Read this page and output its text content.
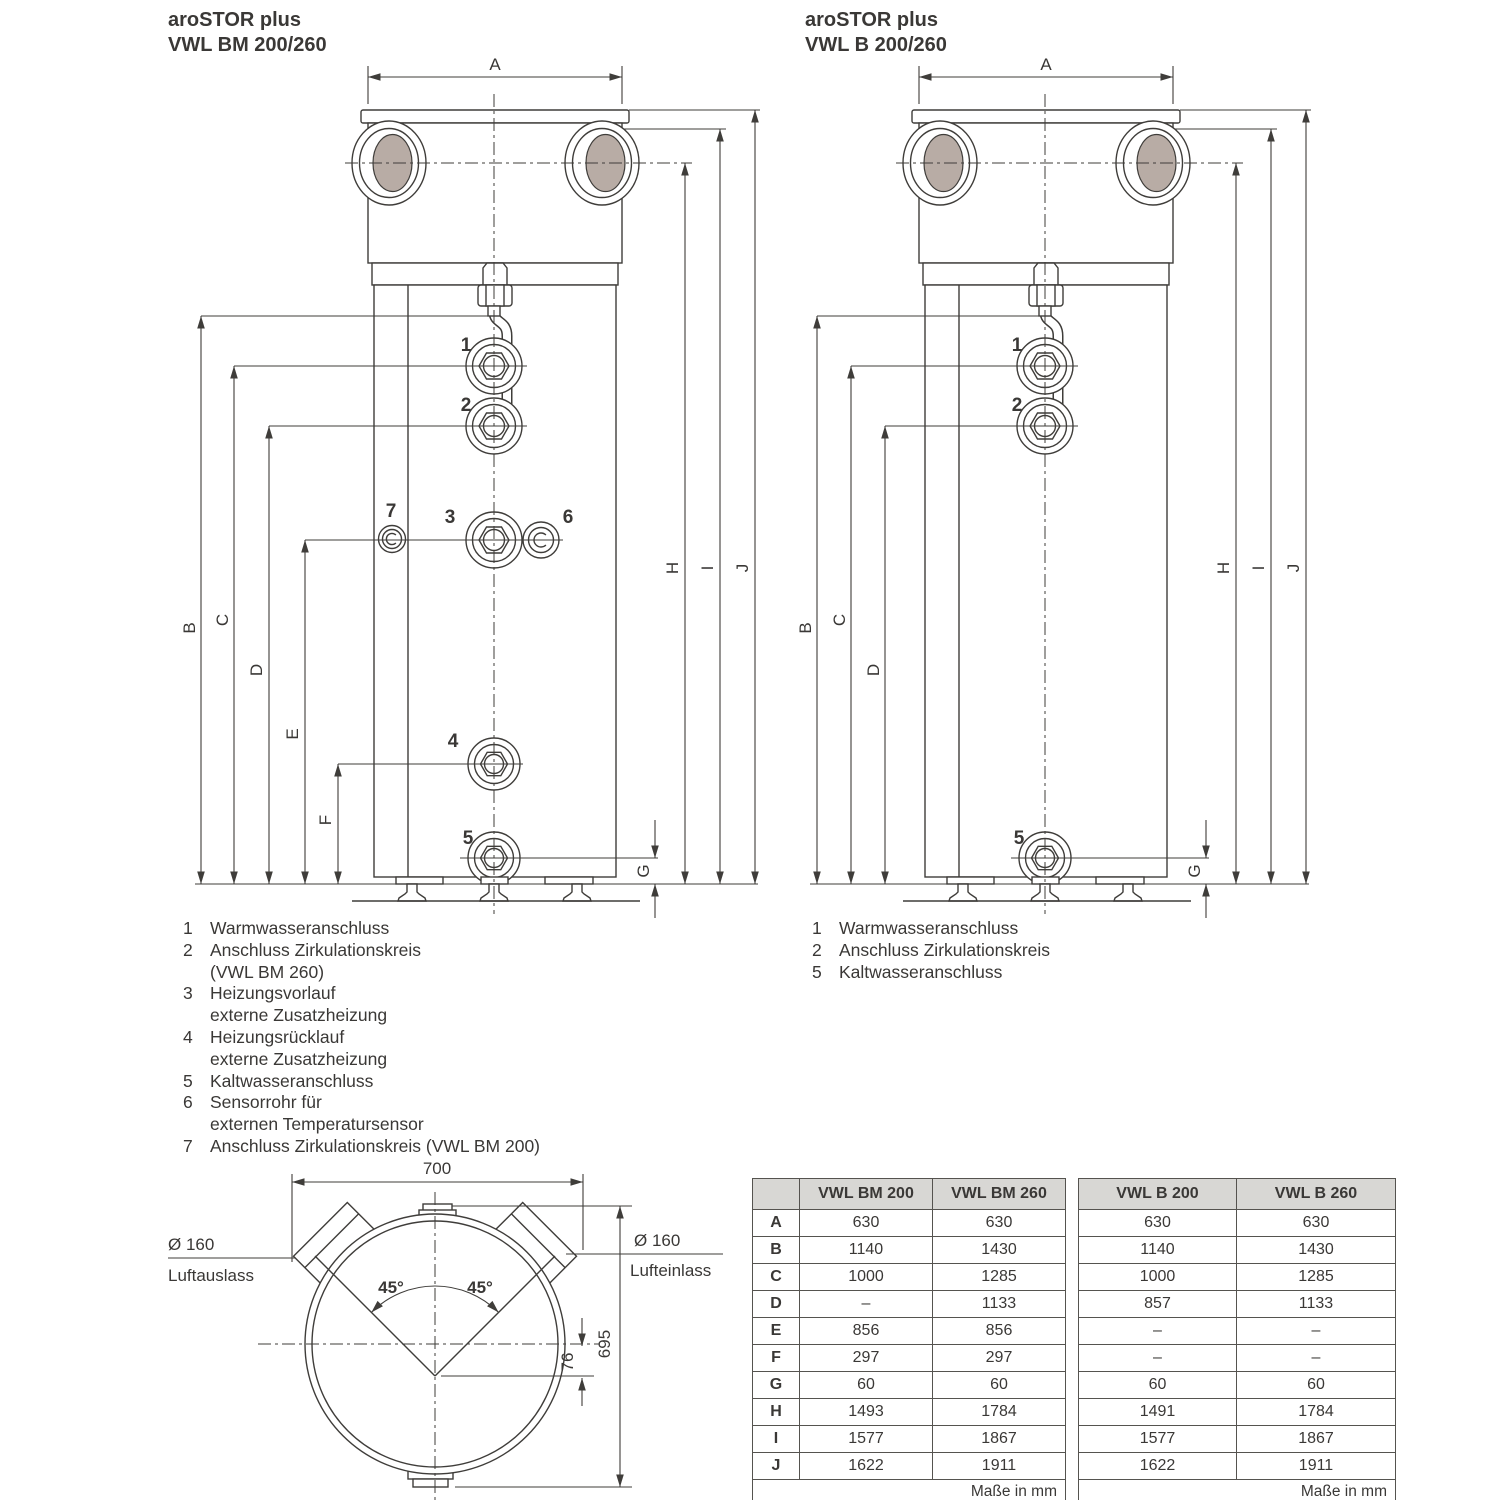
aroSTOR plus
VWL BM 200/260
aroSTOR plus
VWL B 200/260
A
B
C
D
E
F
G
H I J
1
2
3	6
7
4
5
A
B
C
D
G
H I J
1
2
5
700
45°	45°
76
695
Ø 160
Luftauslass
Ø 160
Lufteinlass
1 Warmwasseranschluss
2 Anschluss Zirkulationskreis
(VWL BM 260)
3 Heizungsvorlauf
externe Zusatzheizung
4 Heizungsrücklauf
externe Zusatzheizung
5 Kaltwasseranschluss
6 Sensorrohr für
externen Temperatursensor
7 Anschluss Zirkulationskreis (VWL BM 200)
1 Warmwasseranschluss
2 Anschluss Zirkulationskreis
5 Kaltwasseranschluss
	VWL BM 200	VWL BM 260
A	630	630
B	1140	1430
C	1000	1285
D	–	1133
E	856	856
F	297	297
G	60	60
H	1493	1784
I	1577	1867
J	1622	1911
Maße in mm		
VWL B 200	VWL B 260
630	630
1140	1430
1000	1285
857	1133
–	–
–	–
60	60
1491	1784
1577	1867
1622	1911
Maße in mm	
